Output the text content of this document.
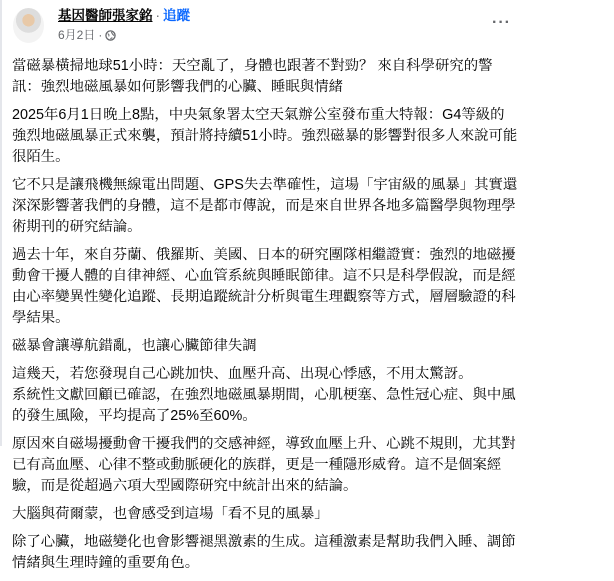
基因醫師張家銘 · 追蹤
6月2日 ·
···

當磁暴橫掃地球51小時：天空亂了，身體也跟著不對勁？ 來自科學研究的警訊：強烈地磁風暴如何影響我們的心臟、睡眠與情緒

2025年6月1日晚上8點，中央氣象署太空天氣辦公室發布重大特報：G4等級的強烈地磁風暴正式來襲，預計將持續51小時。強烈磁暴的影響對很多人來說可能很陌生。

它不只是讓飛機無線電出問題、GPS失去準確性，這場「宇宙級的風暴」其實還深深影響著我們的身體，這不是都市傳說，而是來自世界各地多篇醫學與物理學術期刊的研究結論。

過去十年，來自芬蘭、俄羅斯、美國、日本的研究團隊相繼證實：強烈的地磁擾動會干擾人體的自律神經、心血管系統與睡眠節律。這不只是科學假說，而是經由心率變異性變化追蹤、長期追蹤統計分析與電生理觀察等方式，層層驗證的科學結果。

磁暴會讓導航錯亂，也讓心臟節律失調

這幾天，若您發現自己心跳加快、血壓升高、出現心悸感，不用太驚訝。
系統性文獻回顧已確認，在強烈地磁風暴期間，心肌梗塞、急性冠心症、與中風的發生風險，平均提高了25%至60%。

原因來自磁場擾動會干擾我們的交感神經，導致血壓上升、心跳不規則，尤其對已有高血壓、心律不整或動脈硬化的族群，更是一種隱形威脅。這不是個案經驗，而是從超過六項大型國際研究中統計出來的結論。

大腦與荷爾蒙，也會感受到這場「看不見的風暴」

除了心臟，地磁變化也會影響褪黑激素的生成。這種激素是幫助我們入睡、調節情緒與生理時鐘的重要角色。
